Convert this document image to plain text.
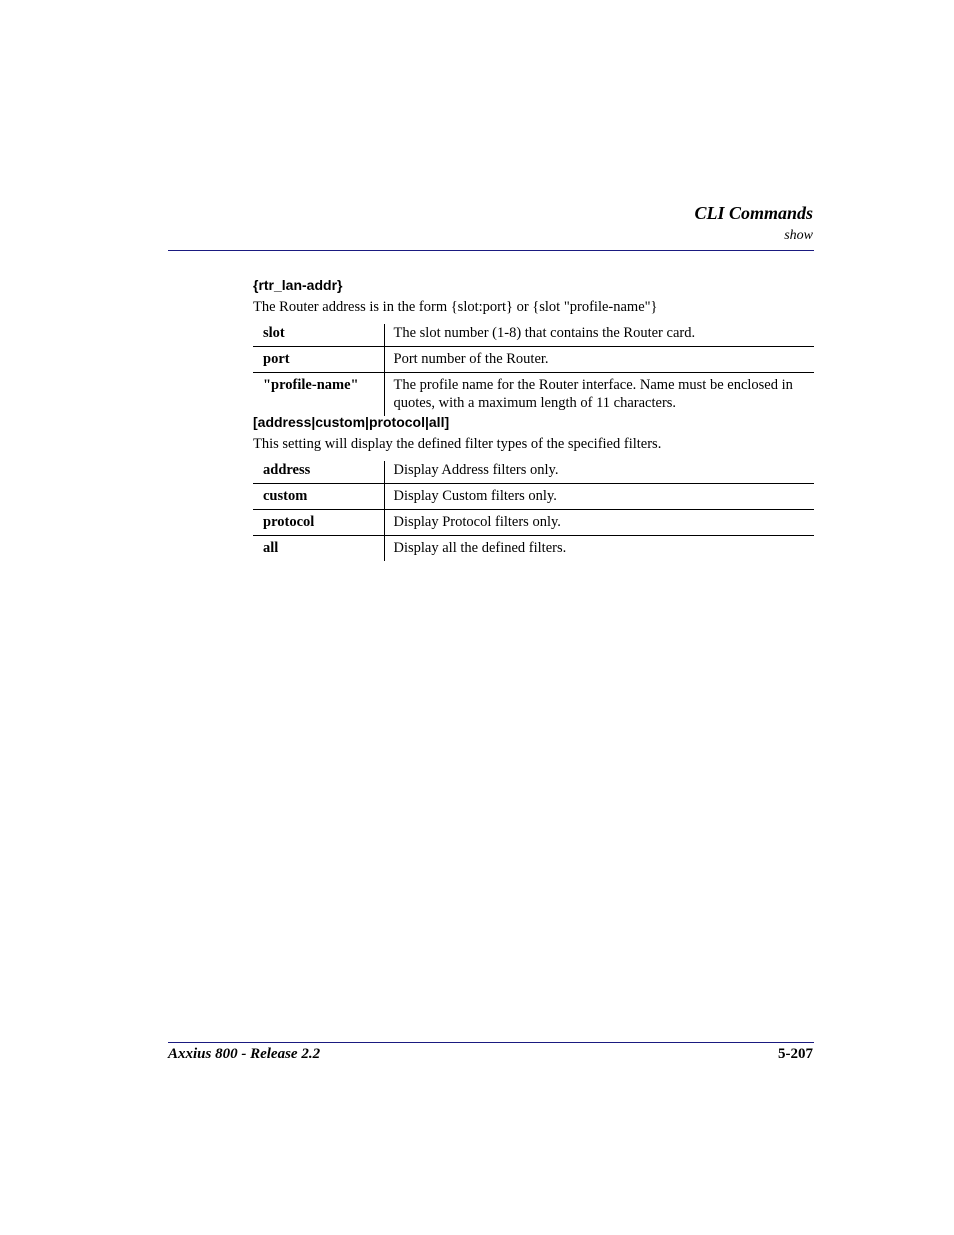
CLI Commands
show
{rtr_lan-addr}
The Router address is in the form {slot:port} or {slot "profile-name"}
slot	The slot number (1-8) that contains the Router card.
port	Port number of the Router.
"profile-name"	The profile name for the Router interface. Name must be enclosed in quotes, with a maximum length of 11 characters.
[address|custom|protocol|all]
This setting will display the defined filter types of the specified filters.
address	Display Address filters only.
custom	Display Custom filters only.
protocol	Display Protocol filters only.
all	Display all the defined filters.
Axxius 800 - Release 2.2	5-207
